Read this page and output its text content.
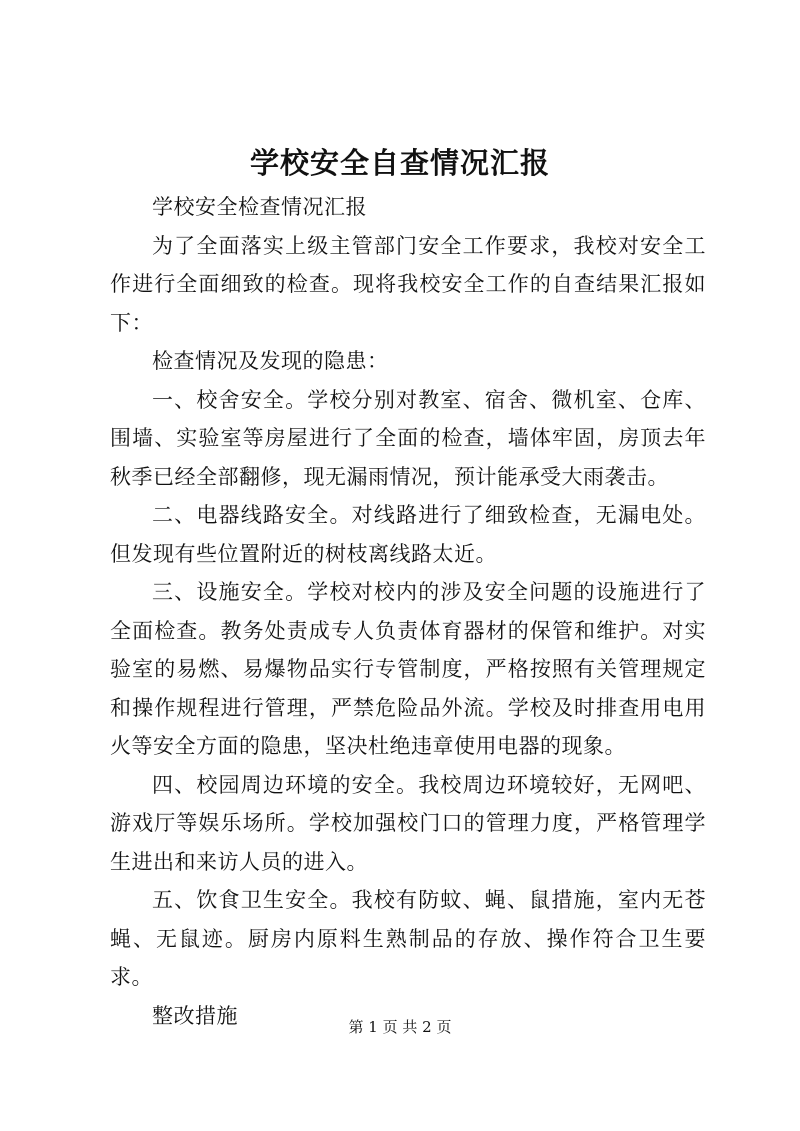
学校安全自查情况汇报

学校安全检查情况汇报

为了全面落实上级主管部门安全工作要求，我校对安全工作进行全面细致的检查。现将我校安全工作的自查结果汇报如下：

检查情况及发现的隐患：

一、校舍安全。学校分别对教室、宿舍、微机室、仓库、围墙、实验室等房屋进行了全面的检查，墙体牢固，房顶去年秋季已经全部翻修，现无漏雨情况，预计能承受大雨袭击。

二、电器线路安全。对线路进行了细致检查，无漏电处。但发现有些位置附近的树枝离线路太近。

三、设施安全。学校对校内的涉及安全问题的设施进行了全面检查。教务处责成专人负责体育器材的保管和维护。对实验室的易燃、易爆物品实行专管制度，严格按照有关管理规定和操作规程进行管理，严禁危险品外流。学校及时排查用电用火等安全方面的隐患，坚决杜绝违章使用电器的现象。

四、校园周边环境的安全。我校周边环境较好，无网吧、游戏厅等娱乐场所。学校加强校门口的管理力度，严格管理学生进出和来访人员的进入。

五、饮食卫生安全。我校有防蚊、蝇、鼠措施，室内无苍蝇、无鼠迹。厨房内原料生熟制品的存放、操作符合卫生要求。

整改措施	第 1 页 共 2 页
